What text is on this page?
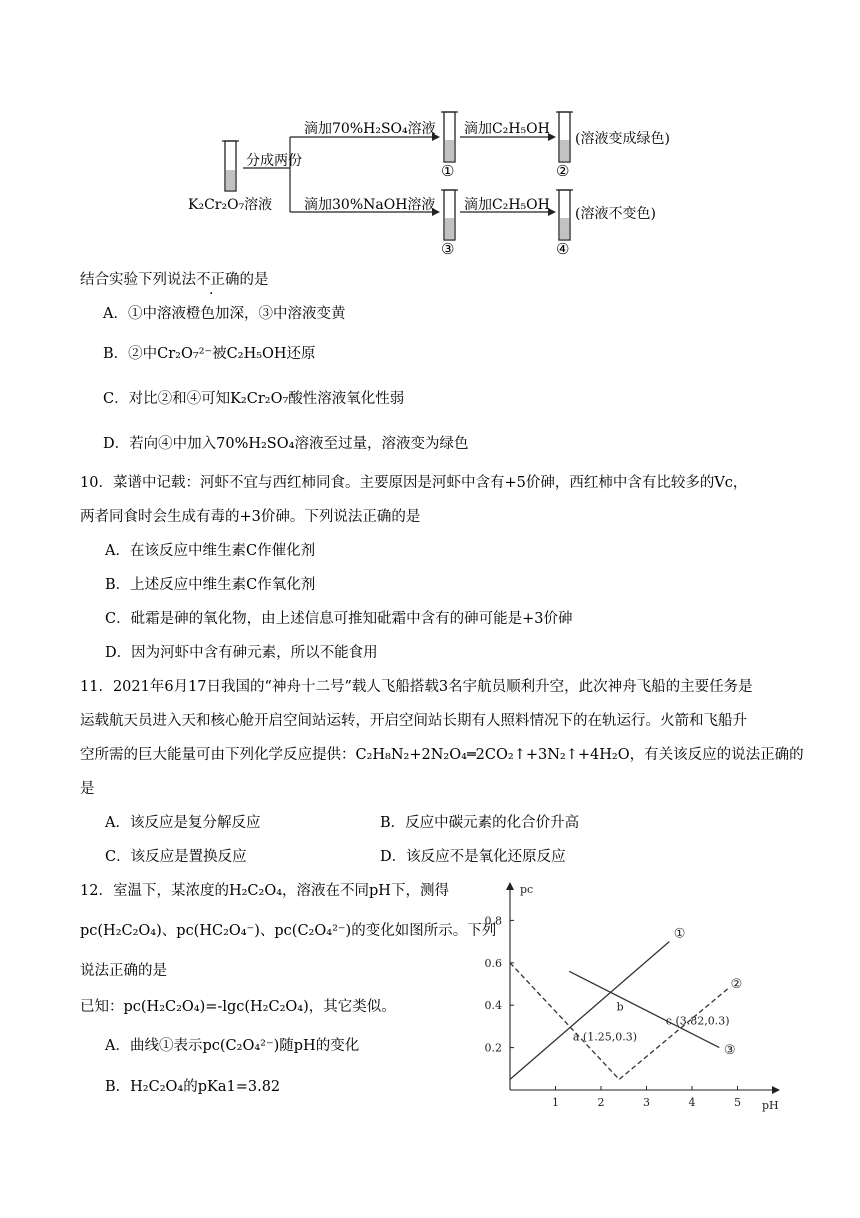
K₂Cr₂O₇溶液
分成两份
滴加70%H₂SO₄溶液 滴加C₂H₅OH
(溶液变成绿色)
滴加30%NaOH溶液 滴加C₂H₅OH
(溶液不变色)
①	②
③	④
结合实验下列说法不正确的是
A．①中溶液橙色加深，③中溶液变黄
B．②中Cr₂O₇²⁻被C₂H₅OH还原
C．对比②和④可知K₂Cr₂O₇酸性溶液氧化性弱
D．若向④中加入70%H₂SO₄溶液至过量，溶液变为绿色
10．菜谱中记载：河虾不宜与西红柿同食。主要原因是河虾中含有+5价砷，西红柿中含有比较多的Vc，
两者同食时会生成有毒的+3价砷。下列说法正确的是
A．在该反应中维生素C作催化剂
B．上述反应中维生素C作氧化剂
C．砒霜是砷的氧化物，由上述信息可推知砒霜中含有的砷可能是+3价砷
D．因为河虾中含有砷元素，所以不能食用
11．2021年6月17日我国的“神舟十二号”载人飞船搭载3名宇航员顺利升空，此次神舟飞船的主要任务是
运载航天员进入天和核心舱开启空间站运转，开启空间站长期有人照料情况下的在轨运行。火箭和飞船升
空所需的巨大能量可由下列化学反应提供：C₂H₈N₂+2N₂O₄═2CO₂↑+3N₂↑+4H₂O，有关该反应的说法正确的
是
A．该反应是复分解反应	B．反应中碳元素的化合价升高
C．该反应是置换反应	D．该反应不是氧化还原反应
12．室温下，某浓度的H₂C₂O₄，溶液在不同pH下，测得
pc(H₂C₂O₄)、pc(HC₂O₄⁻)、pc(C₂O₄²⁻)的变化如图所示。下列
说法正确的是
已知：pc(H₂C₂O₄)=-lgc(H₂C₂O₄)，其它类似。
A．曲线①表示pc(C₂O₄²⁻)随pH的变化
B．H₂C₂O₄的pKa1=3.82
pc
pH
1	2	3	4	5
0.2
0.4
0.6
0.8
①
②
③
a (1.25,0.3)
b
c (3.82,0.3)
